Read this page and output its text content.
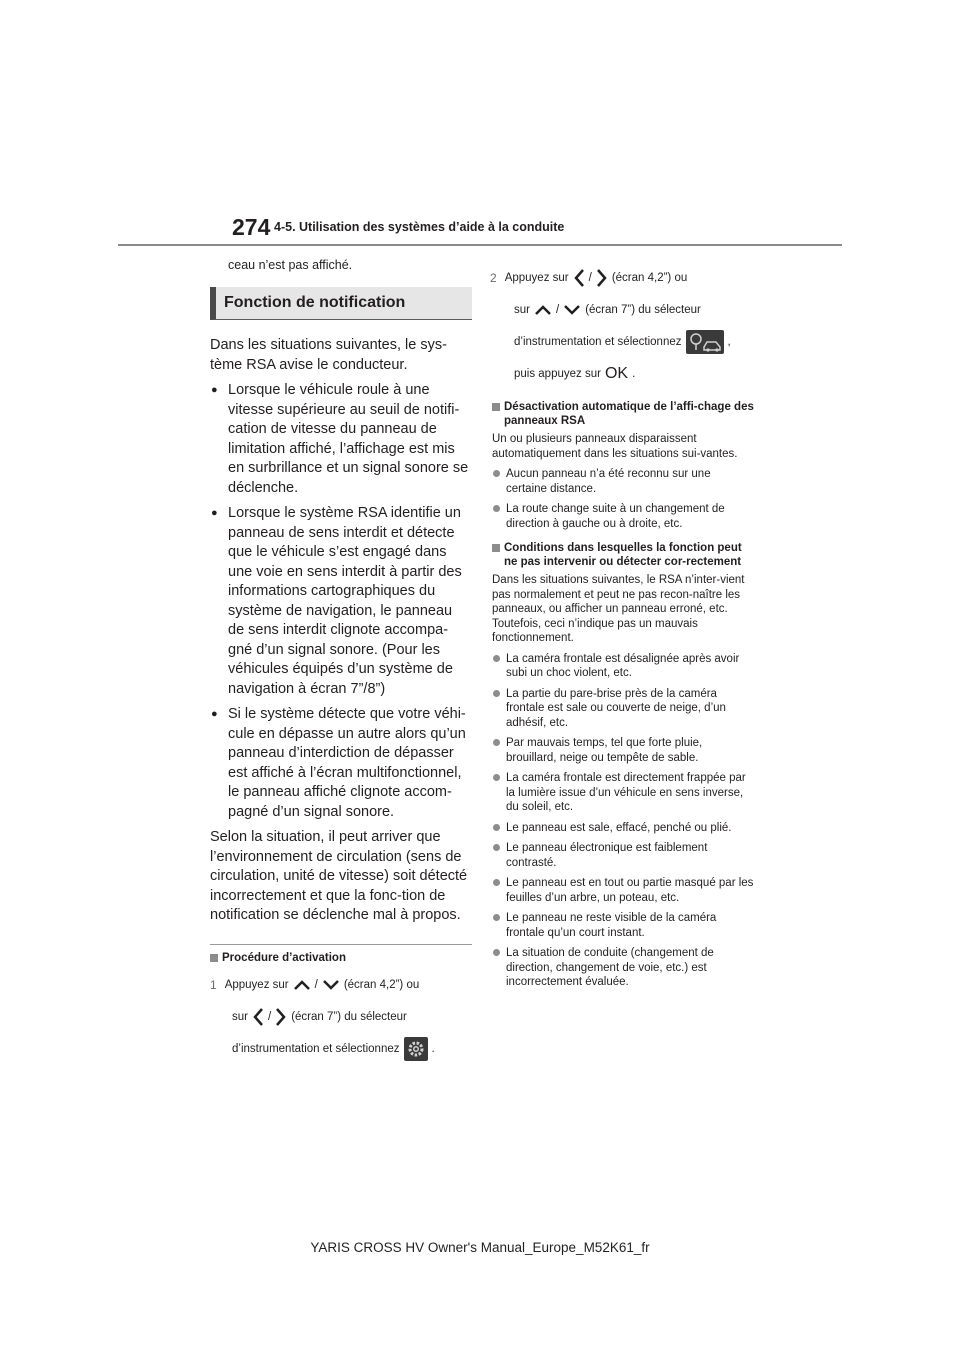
274 4-5. Utilisation des systèmes d’aide à la conduite

ceau n’est pas affiché.

Fonction de notification

Dans les situations suivantes, le sys-tème RSA avise le conducteur.

● Lorsque le véhicule roule à une vitesse supérieure au seuil de notifi-cation de vitesse du panneau de limitation affiché, l’affichage est mis en surbrillance et un signal sonore se déclenche.

● Lorsque le système RSA identifie un panneau de sens interdit et détecte que le véhicule s’est engagé dans une voie en sens interdit à partir des informations cartographiques du système de navigation, le panneau de sens interdit clignote accompa-gné d’un signal sonore. (Pour les véhicules équipés d’un système de navigation à écran 7”/8”)

● Si le système détecte que votre véhi-cule en dépasse un autre alors qu’un panneau d’interdiction de dépasser est affiché à l’écran multifonctionnel, le panneau affiché clignote accom-pagné d’un signal sonore.

Selon la situation, il peut arriver que l’environnement de circulation (sens de circulation, unité de vitesse) soit détecté incorrectement et que la fonc-tion de notification se déclenche mal à propos.

Procédure d’activation

1 Appuyez sur / (écran 4,2”) ou
sur / (écran 7”) du sélecteur
d’instrumentation et sélectionnez	.
2 Appuyez sur / (écran 4,2”) ou
sur / (écran 7”) du sélecteur
d’instrumentation et sélectionnez	,
puis appuyez sur OK .

Désactivation automatique de l’affi-chage des panneaux RSA

Un ou plusieurs panneaux disparaissent automatiquement dans les situations sui-vantes.

Aucun panneau n’a été reconnu sur une certaine distance.

La route change suite à un changement de direction à gauche ou à droite, etc.

Conditions dans lesquelles la fonction peut ne pas intervenir ou détecter cor-rectement

Dans les situations suivantes, le RSA n’inter-vient pas normalement et peut ne pas recon-naître les panneaux, ou afficher un panneau erroné, etc. Toutefois, ceci n’indique pas un mauvais fonctionnement.

La caméra frontale est désalignée après avoir subi un choc violent, etc.

La partie du pare-brise près de la caméra frontale est sale ou couverte de neige, d’un adhésif, etc.

Par mauvais temps, tel que forte pluie, brouillard, neige ou tempête de sable.

La caméra frontale est directement frappée par la lumière issue d’un véhicule en sens inverse, du soleil, etc.

Le panneau est sale, effacé, penché ou plié.

Le panneau électronique est faiblement contrasté.

Le panneau est en tout ou partie masqué par les feuilles d’un arbre, un poteau, etc.

Le panneau ne reste visible de la caméra frontale qu’un court instant.

La situation de conduite (changement de direction, changement de voie, etc.) est incorrectement évaluée.

YARIS CROSS HV Owner's Manual_Europe_M52K61_fr
